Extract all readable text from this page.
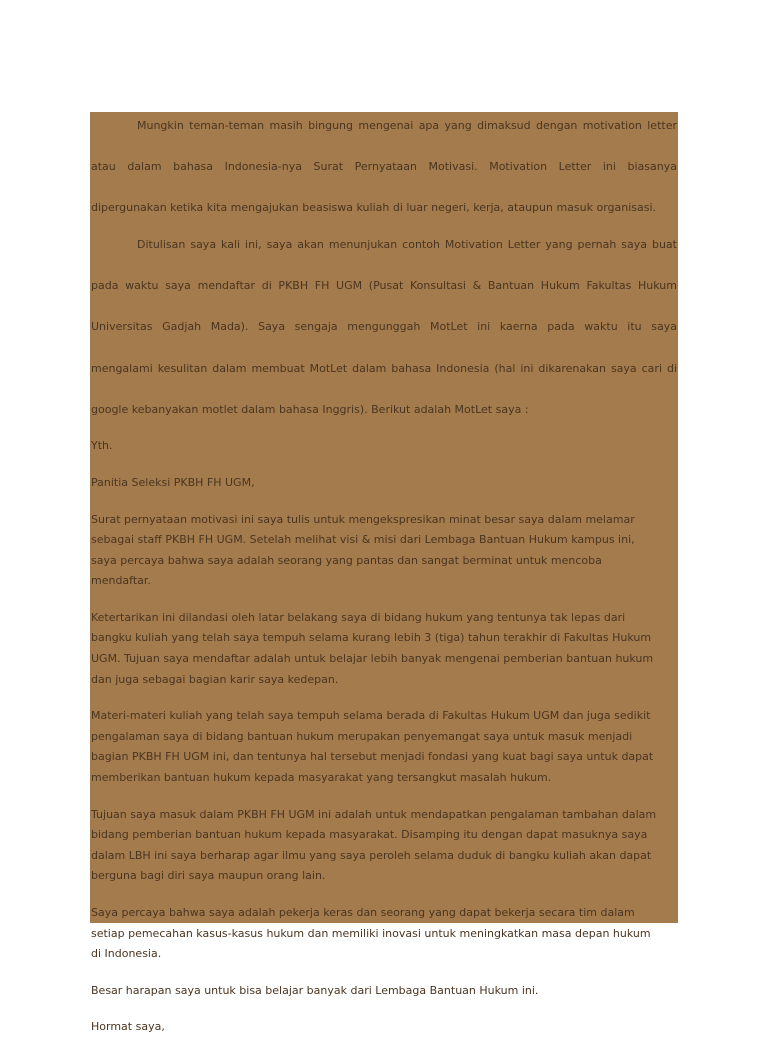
Mungkin teman-teman masih bingung mengenai apa yang dimaksud dengan motivation letter

atau dalam bahasa Indonesia-nya Surat Pernyataan Motivasi. Motivation Letter ini biasanya

dipergunakan ketika kita mengajukan beasiswa kuliah di luar negeri, kerja, ataupun masuk organisasi.

Ditulisan saya kali ini, saya akan menunjukan contoh Motivation Letter yang pernah saya buat

pada waktu saya mendaftar di PKBH FH UGM (Pusat Konsultasi & Bantuan Hukum Fakultas Hukum

Universitas Gadjah Mada). Saya sengaja mengunggah MotLet ini kaerna pada waktu itu saya

mengalami kesulitan dalam membuat MotLet dalam bahasa Indonesia (hal ini dikarenakan saya cari di

google kebanyakan motlet dalam bahasa Inggris). Berikut adalah MotLet saya :

Yth.

Panitia Seleksi PKBH FH UGM,

Surat pernyataan motivasi ini saya tulis untuk mengekspresikan minat besar saya dalam melamar

sebagai staff PKBH FH UGM. Setelah melihat visi & misi dari Lembaga Bantuan Hukum kampus ini,

saya percaya bahwa saya adalah seorang yang pantas dan sangat berminat untuk mencoba

mendaftar.

Ketertarikan ini dilandasi oleh latar belakang saya di bidang hukum yang tentunya tak lepas dari

bangku kuliah yang telah saya tempuh selama kurang lebih 3 (tiga) tahun terakhir di Fakultas Hukum

UGM. Tujuan saya mendaftar adalah untuk belajar lebih banyak mengenai pemberian bantuan hukum

dan juga sebagai bagian karir saya kedepan.

Materi-materi kuliah yang telah saya tempuh selama berada di Fakultas Hukum UGM dan juga sedikit

pengalaman saya di bidang bantuan hukum merupakan penyemangat saya untuk masuk menjadi

bagian PKBH FH UGM ini, dan tentunya hal tersebut menjadi fondasi yang kuat bagi saya untuk dapat

memberikan bantuan hukum kepada masyarakat yang tersangkut masalah hukum.

Tujuan saya masuk dalam PKBH FH UGM ini adalah untuk mendapatkan pengalaman tambahan dalam

bidang pemberian bantuan hukum kepada masyarakat. Disamping itu dengan dapat masuknya saya

dalam LBH ini saya berharap agar ilmu yang saya peroleh selama duduk di bangku kuliah akan dapat

berguna bagi diri saya maupun orang lain.

Saya percaya bahwa saya adalah pekerja keras dan seorang yang dapat bekerja secara tim dalam

setiap pemecahan kasus-kasus hukum dan memiliki inovasi untuk meningkatkan masa depan hukum

di Indonesia.

Besar harapan saya untuk bisa belajar banyak dari Lembaga Bantuan Hukum ini.

Hormat saya,
